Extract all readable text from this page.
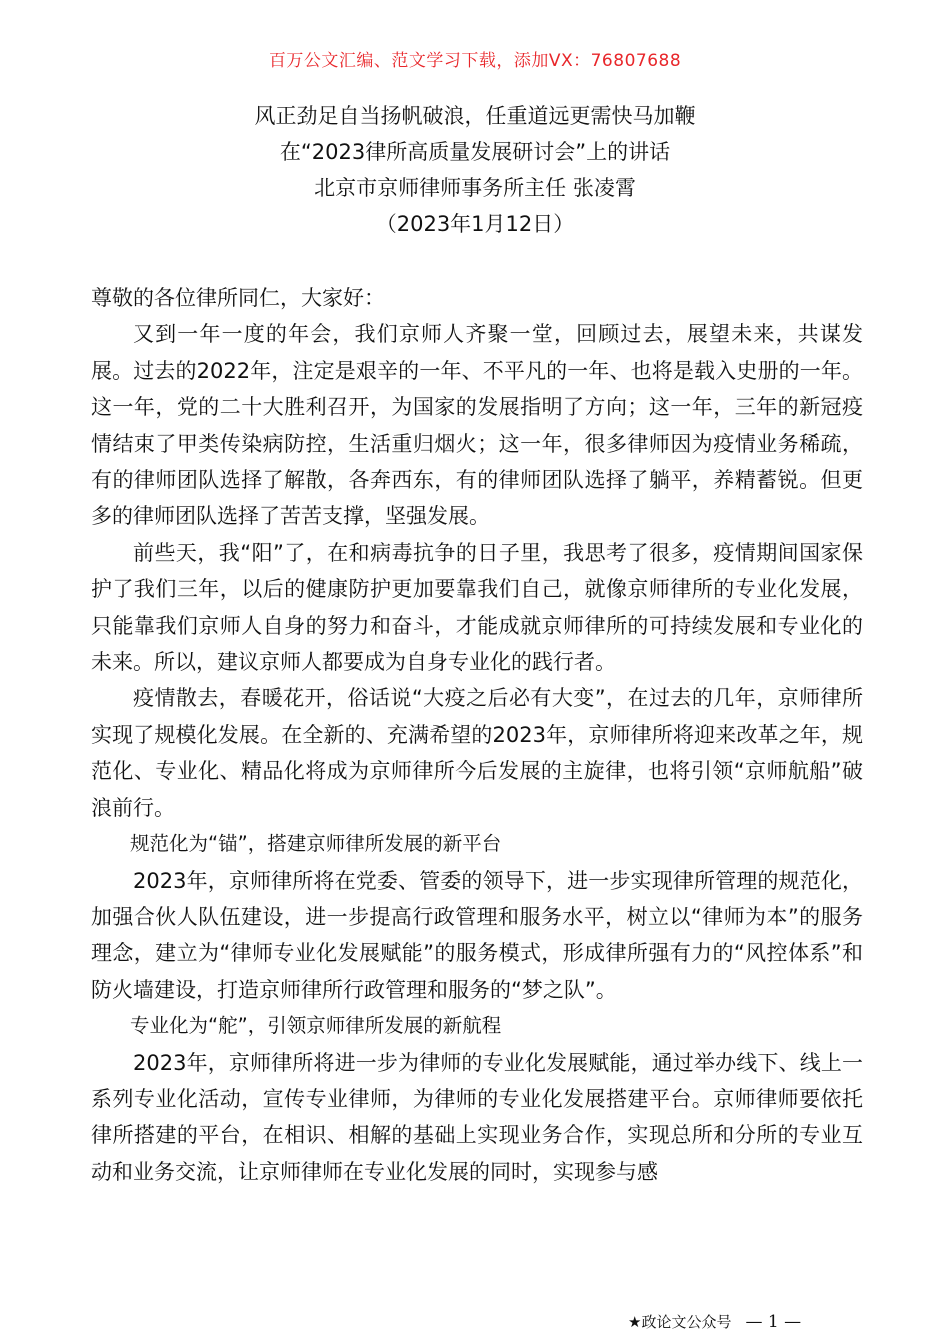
百万公文汇编、范文学习下载，添加VX：76807688
风正劲足自当扬帆破浪，任重道远更需快马加鞭
在“2023律所高质量发展研讨会”上的讲话
北京市京师律师事务所主任 张凌霄
（2023年1月12日）

尊敬的各位律所同仁，大家好：

又到一年一度的年会，我们京师人齐聚一堂，回顾过去，展望未来，共谋发展。过去的2022年，注定是艰辛的一年、不平凡的一年、也将是载入史册的一年。这一年，党的二十大胜利召开，为国家的发展指明了方向；这一年，三年的新冠疫情结束了甲类传染病防控，生活重归烟火；这一年，很多律师因为疫情业务稀疏，有的律师团队选择了解散，各奔西东，有的律师团队选择了躺平，养精蓄锐。但更多的律师团队选择了苦苦支撑，坚强发展。

前些天，我“阳”了，在和病毒抗争的日子里，我思考了很多，疫情期间国家保护了我们三年，以后的健康防护更加要靠我们自己，就像京师律所的专业化发展，只能靠我们京师人自身的努力和奋斗，才能成就京师律所的可持续发展和专业化的未来。所以，建议京师人都要成为自身专业化的践行者。

疫情散去，春暖花开，俗话说“大疫之后必有大变”，在过去的几年，京师律所实现了规模化发展。在全新的、充满希望的2023年，京师律所将迎来改革之年，规范化、专业化、精品化将成为京师律所今后发展的主旋律，也将引领“京师航船”破浪前行。

规范化为“锚”，搭建京师律所发展的新平台

2023年，京师律所将在党委、管委的领导下，进一步实现律所管理的规范化，加强合伙人队伍建设，进一步提高行政管理和服务水平，树立以“律师为本”的服务理念，建立为“律师专业化发展赋能”的服务模式，形成律所强有力的“风控体系”和防火墙建设，打造京师律所行政管理和服务的“梦之队”。

专业化为“舵”，引领京师律所发展的新航程

2023年，京师律所将进一步为律师的专业化发展赋能，通过举办线下、线上一系列专业化活动，宣传专业律师，为律师的专业化发展搭建平台。京师律师要依托律所搭建的平台，在相识、相解的基础上实现业务合作，实现总所和分所的专业互动和业务交流，让京师律师在专业化发展的同时，实现参与感

★政论文公众号 — 1 —
